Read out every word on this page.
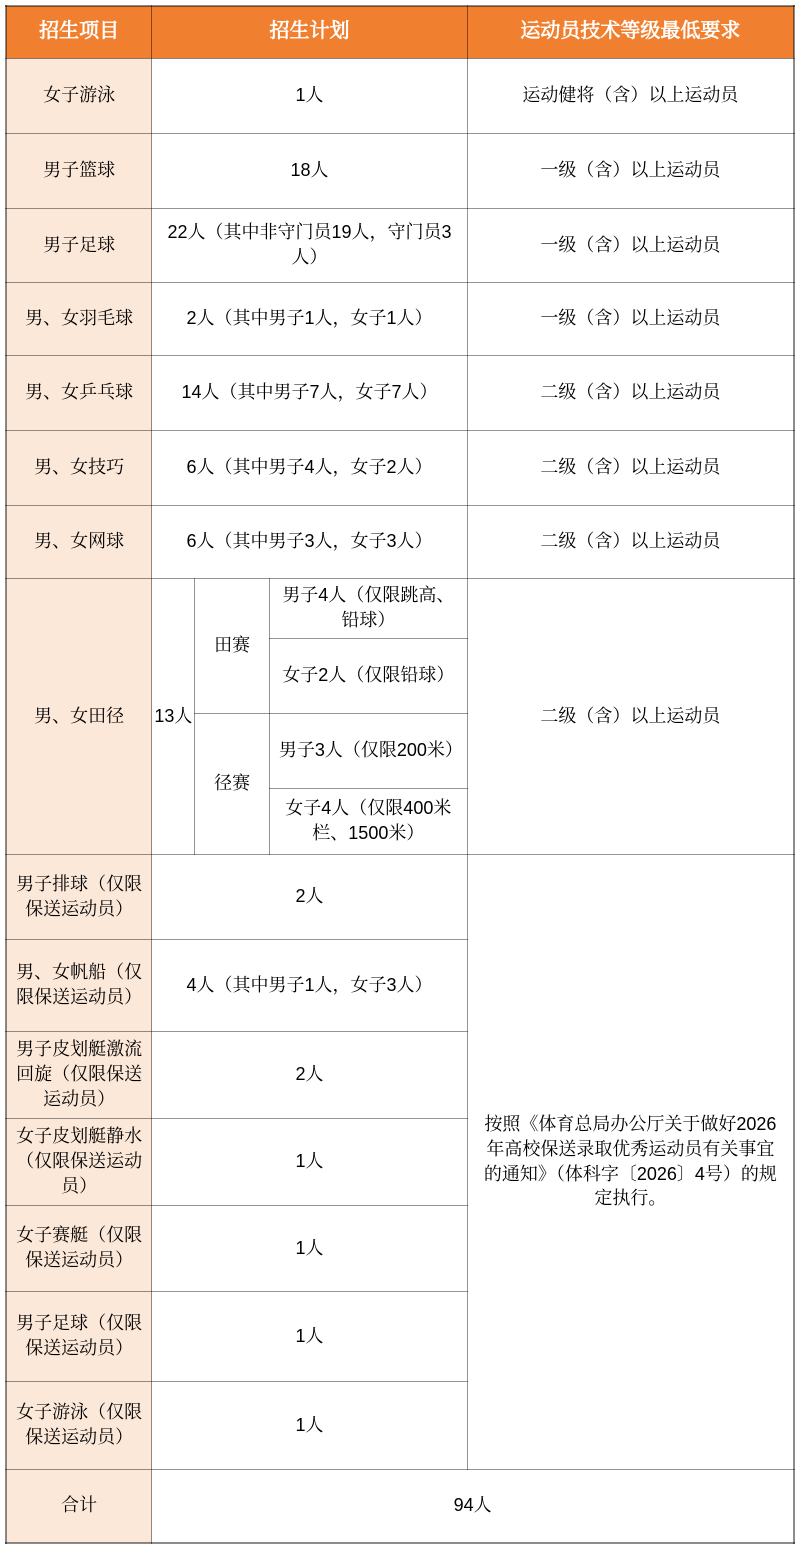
招生项目	招生计划			运动员技术等级最低要求
女子游泳	1人			运动健将（含）以上运动员
男子篮球	18人			一级（含）以上运动员
男子足球	22人（其中非守门员19人，守门员3人）			一级（含）以上运动员
男、女羽毛球	2人（其中男子1人，女子1人）			一级（含）以上运动员
男、女乒乓球	14人（其中男子7人，女子7人）			二级（含）以上运动员
男、女技巧	6人（其中男子4人，女子2人）			二级（含）以上运动员
男、女网球	6人（其中男子3人，女子3人）			二级（含）以上运动员
男、女田径	13人	田赛	男子4人（仅限跳高、铅球）	二级（含）以上运动员
			女子2人（仅限铅球）	
		径赛	男子3人（仅限200米）	
			女子4人（仅限400米栏、1500米）	
男子排球（仅限保送运动员）	2人			按照《体育总局办公厅关于做好2026年高校保送录取优秀运动员有关事宜的通知》（体科字〔2026〕4号）的规定执行。
男、女帆船（仅限保送运动员）	4人（其中男子1人，女子3人）			
男子皮划艇激流回旋（仅限保送运动员）	2人			
女子皮划艇静水（仅限保送运动员）	1人			
女子赛艇（仅限保送运动员）	1人			
男子足球（仅限保送运动员）	1人			
女子游泳（仅限保送运动员）	1人			
合计	94人			
